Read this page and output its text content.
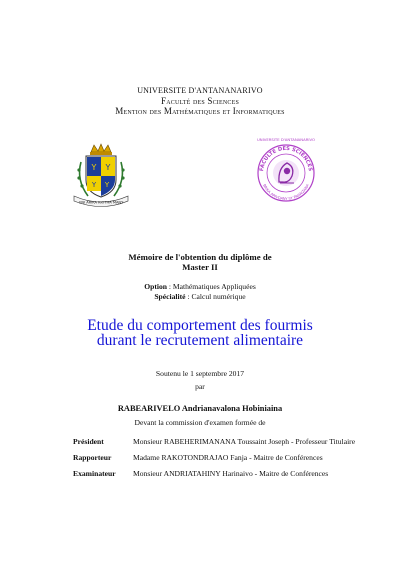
UNIVERSITE D'ANTANANARIVO
Faculté des Sciences
Mention des Mathématiques et Informatiques
Y Y
Y Y
UNI ARIKA KIOTHA MANY
UNIVERSITE D'ANTANANARIVO
FACULTE DES SCIENCES
BRIKA ARIVOANY SY FAHAIZANA
Mémoire de l'obtention du diplôme de
Master II
Option : Mathématiques Appliquées
Spécialité : Calcul numérique
Etude du comportement des fourmis
durant le recrutement alimentaire
Soutenu le 1 septembre 2017
par
RABEARIVELO Andrianavalona Hobiniaina
Devant la commission d'examen formée de
Président	Monsieur RABEHERIMANANA Toussaint Joseph - Professeur Titulaire
Rapporteur	Madame RAKOTONDRAJAO Fanja - Maitre de Conférences
Examinateur Monsieur ANDRIATAHINY Harinaivo - Maitre de Conférences
